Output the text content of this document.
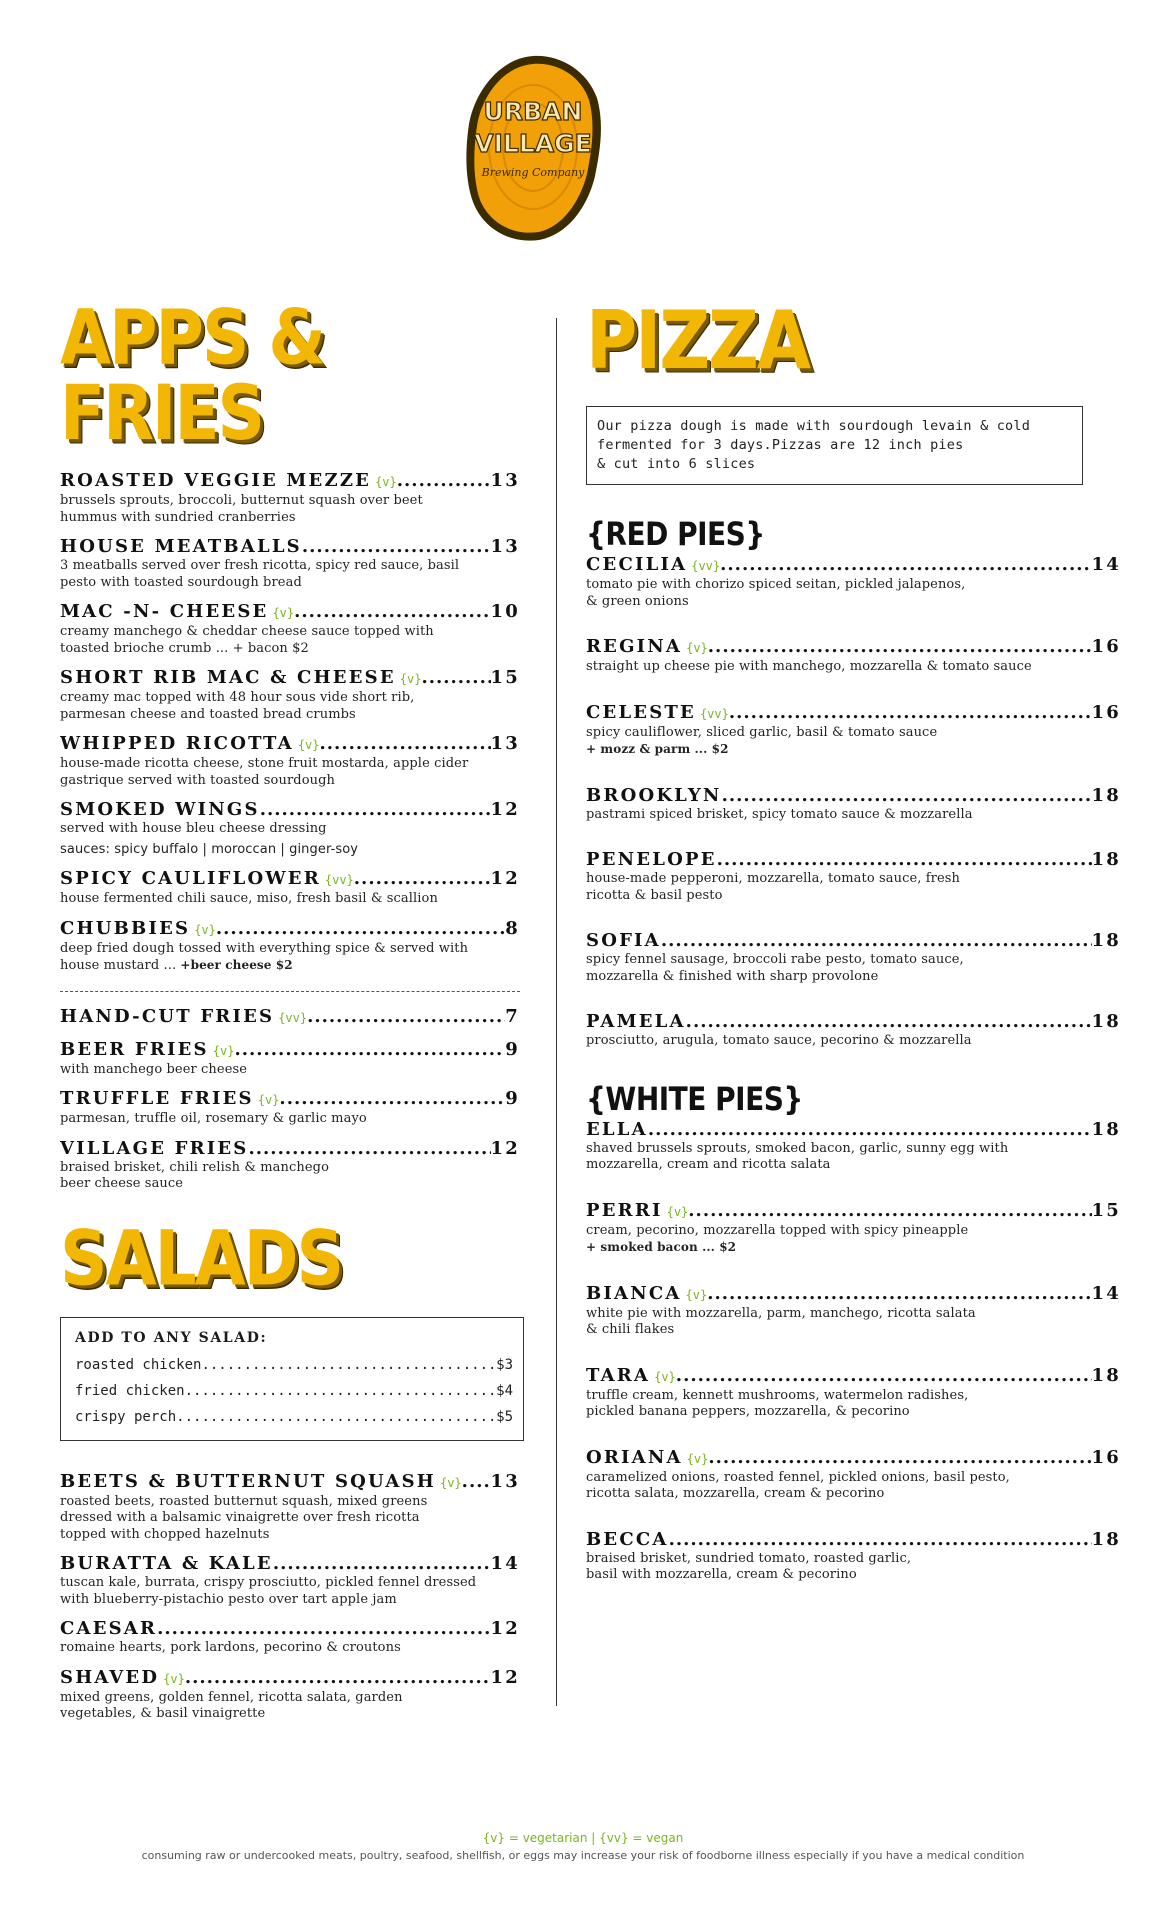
URBAN
VILLAGE
Brewing Company
APPS & FRIES
ROASTED VEGGIE MEZZE {v} .....	13
brussels sprouts, broccoli, butternut squash over beet
hummus with sundried cranberries
HOUSE MEATBALLS .....	13
3 meatballs served over fresh ricotta, spicy red sauce, basil
pesto with toasted sourdough bread
MAC -N- CHEESE {v} .....	10
creamy manchego & cheddar cheese sauce topped with
toasted brioche crumb ... + bacon $2
SHORT RIB MAC & CHEESE {v} .....	15
creamy mac topped with 48 hour sous vide short rib,
parmesan cheese and toasted bread crumbs
WHIPPED RICOTTA {v} .....	13
house-made ricotta cheese, stone fruit mostarda, apple cider
gastrique served with toasted sourdough
SMOKED WINGS .....	12
served with house bleu cheese dressing
sauces: spicy buffalo | moroccan | ginger-soy
SPICY CAULIFLOWER {vv} .....	12
house fermented chili sauce, miso, fresh basil & scallion
CHUBBIES {v} .....	8
deep fried dough tossed with everything spice & served with
house mustard ... +beer cheese $2
HAND-CUT FRIES {vv} .....	7
BEER FRIES {v} .....	9
with manchego beer cheese
TRUFFLE FRIES {v} .....	9
parmesan, truffle oil, rosemary & garlic mayo
VILLAGE FRIES .....	12
braised brisket, chili relish & manchego
beer cheese sauce
SALADS
ADD TO ANY SALAD:
roasted chicken .....	$3
fried chicken .....	$4
crispy perch .....	$5
BEETS & BUTTERNUT SQUASH {v} ..... 13
roasted beets, roasted butternut squash, mixed greens
dressed with a balsamic vinaigrette over fresh ricotta
topped with chopped hazelnuts
BURATTA & KALE .....	14
tuscan kale, burrata, crispy prosciutto, pickled fennel dressed
with blueberry-pistachio pesto over tart apple jam
CAESAR .....	12
romaine hearts, pork lardons, pecorino & croutons
SHAVED {v} .....	12
mixed greens, golden fennel, ricotta salata, garden
vegetables, & basil vinaigrette
PIZZA
Our pizza dough is made with sourdough levain & cold
fermented for 3 days.Pizzas are 12 inch pies
& cut into 6 slices
{RED PIES}
CECILIA {vv} .....	14
tomato pie with chorizo spiced seitan, pickled jalapenos,
& green onions
REGINA {v} .....	16
straight up cheese pie with manchego, mozzarella & tomato sauce
CELESTE {vv} .....	16
spicy cauliflower, sliced garlic, basil & tomato sauce
+ mozz & parm ... $2
BROOKLYN .....	18
pastrami spiced brisket, spicy tomato sauce & mozzarella
PENELOPE .....	18
house-made pepperoni, mozzarella, tomato sauce, fresh
ricotta & basil pesto
SOFIA .....	18
spicy fennel sausage, broccoli rabe pesto, tomato sauce,
mozzarella & finished with sharp provolone
PAMELA .....	18
prosciutto, arugula, tomato sauce, pecorino & mozzarella
{WHITE PIES}
ELLA .....	18
shaved brussels sprouts, smoked bacon, garlic, sunny egg with
mozzarella, cream and ricotta salata
PERRI {v} .....	15
cream, pecorino, mozzarella topped with spicy pineapple
+ smoked bacon ... $2
BIANCA {v} .....	14
white pie with mozzarella, parm, manchego, ricotta salata
& chili flakes
TARA {v} .....	18
truffle cream, kennett mushrooms, watermelon radishes,
pickled banana peppers, mozzarella, & pecorino
ORIANA {v} .....	16
caramelized onions, roasted fennel, pickled onions, basil pesto,
ricotta salata, mozzarella, cream & pecorino
BECCA .....	18
braised brisket, sundried tomato, roasted garlic,
basil with mozzarella, cream & pecorino
{v} = vegetarian | {vv} = vegan
consuming raw or undercooked meats, poultry, seafood, shellfish, or eggs may increase your risk of foodborne illness especially if you have a medical condition
